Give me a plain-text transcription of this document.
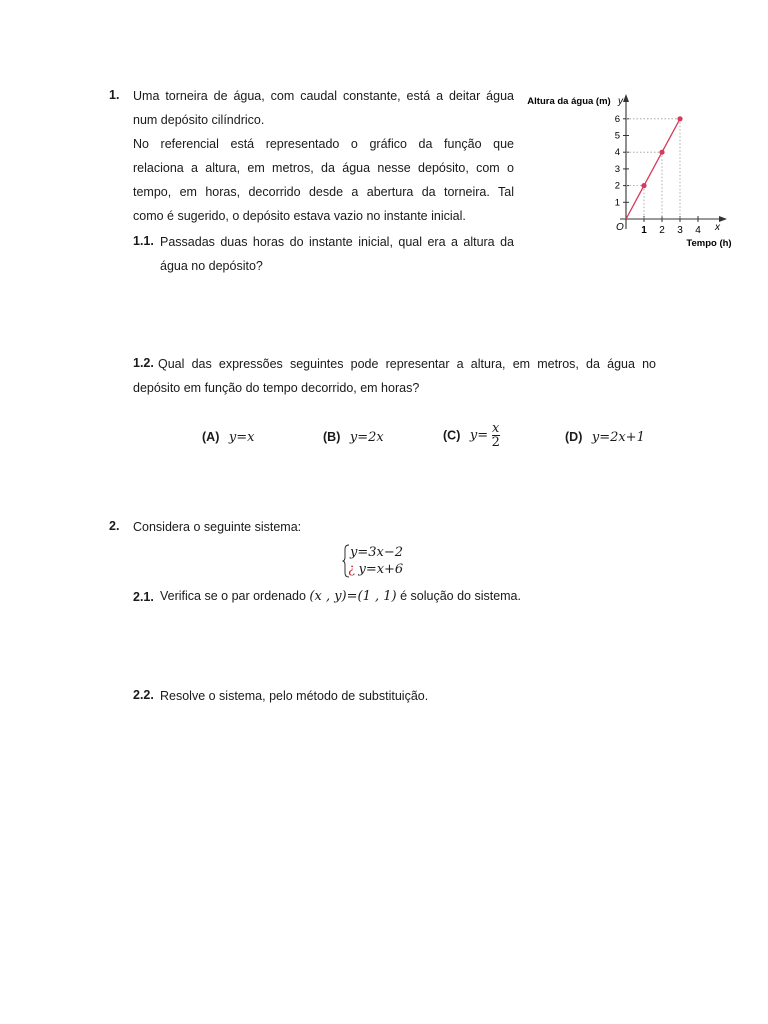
1. Uma torneira de água, com caudal constante, está a deitar água
num depósito cilíndrico.
No referencial está representado o gráfico da função que
relaciona a altura, em metros, da água nesse depósito, com o
tempo, em horas, decorrido desde a abertura da torneira. Tal
como é sugerido, o depósito estava vazio no instante inicial.
1.1. Passadas duas horas do instante inicial, qual era a altura da
água no depósito?
Altura da água (m) y
x
O
Tempo (h)
1
2
3
4
5
6
1 2 3 4
1.2. Qual das expressões seguintes pode representar a altura, em metros, da água no
depósito em função do tempo decorrido, em horas?
(A) y=x	(B) y=2x	(C) $y= \frac{x}{2}$	(D) y=2x+1
2. Considera o seguinte sistema:
y=3x−2
¿ y=x+6
2.1. Verifica se o par ordenado (x , y)=(1 , 1) é solução do sistema.
2.2. Resolve o sistema, pelo método de substituição.
